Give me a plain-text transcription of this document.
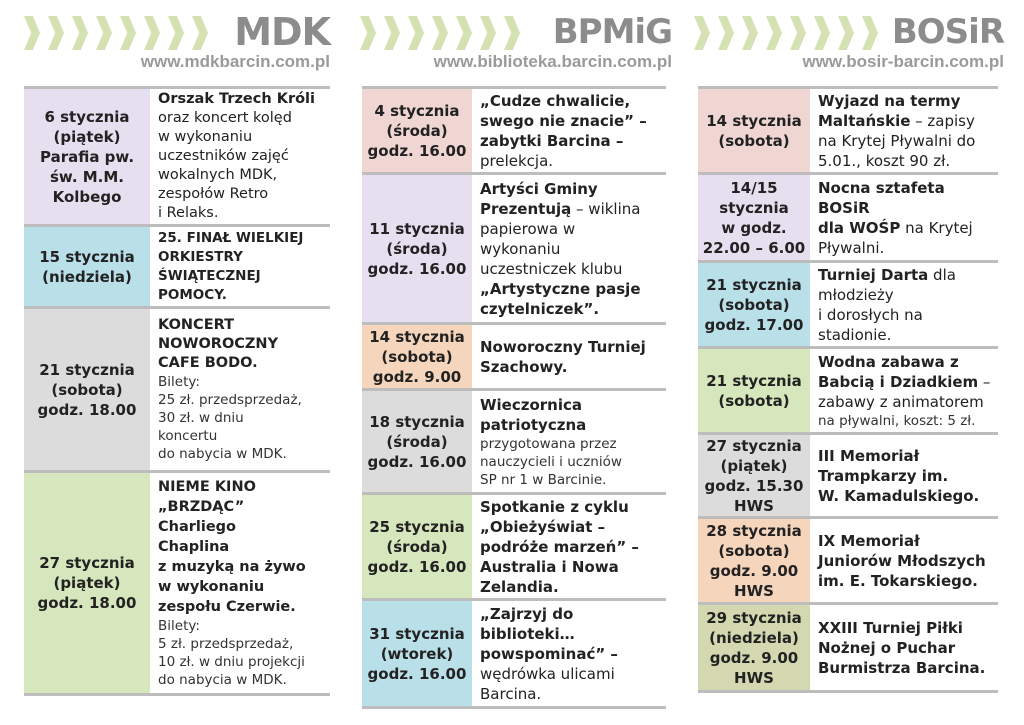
MDK
www.mdkbarcin.com.pl
6 stycznia
(piątek)
Parafia pw.
św. M.M.
Kolbego
Orszak Trzech Króli
oraz koncert kolęd
w wykonaniu
uczestników zajęć
wokalnych MDK,
zespołów Retro
i Relaks.
15 stycznia
(niedziela)
25. FINAŁ WIELKIEJ
ORKIESTRY
ŚWIĄTECZNEJ
POMOCY.
21 stycznia
(sobota)
godz. 18.00
KONCERT
NOWOROCZNY
CAFE BODO.
Bilety:
25 zł. przedsprzedaż,
30 zł. w dniu
koncertu
do nabycia w MDK.
27 stycznia
(piątek)
godz. 18.00
NIEME KINO
„BRZDĄC”
Charliego
Chaplina
z muzyką na żywo
w wykonaniu
zespołu Czerwie.
Bilety:
5 zł. przedsprzedaż,
10 zł. w dniu projekcji
do nabycia w MDK.
BPMiG
www.biblioteka.barcin.com.pl
4 stycznia
(środa)
godz. 16.00
„Cudze chwalicie,
swego nie znacie” –
zabytki Barcina –
prelekcja.
11 stycznia
(środa)
godz. 16.00
Artyści Gminy
Prezentują – wiklina
papierowa w
wykonaniu
uczestniczek klubu
„Artystyczne pasje
czytelniczek”.
14 stycznia
(sobota)
godz. 9.00
Noworoczny Turniej
Szachowy.
18 stycznia
(środa)
godz. 16.00
Wieczornica
patriotyczna
przygotowana przez
nauczycieli i uczniów
SP nr 1 w Barcinie.
25 stycznia
(środa)
godz. 16.00
Spotkanie z cyklu
„Obieżyświat –
podróże marzeń” –
Australia i Nowa
Zelandia.
31 stycznia
(wtorek)
godz. 16.00
„Zajrzyj do
biblioteki…
powspominać” –
wędrówka ulicami
Barcina.
BOSiR
www.bosir-barcin.com.pl
14 stycznia
(sobota)
Wyjazd na termy
Maltańskie – zapisy
na Krytej Pływalni do
5.01., koszt 90 zł.
14/15
stycznia
w godz.
22.00 – 6.00
Nocna sztafeta BOSiR
dla WOŚP na Krytej
Pływalni.
21 stycznia
(sobota)
godz. 17.00
Turniej Darta dla
młodzieży
i dorosłych na
stadionie.
21 stycznia
(sobota)
Wodna zabawa z
Babcią i Dziadkiem –
zabawy z animatorem
na pływalni, koszt: 5 zł.
27 stycznia
(piątek)
godz. 15.30
HWS
III Memoriał
Trampkarzy im.
W. Kamadulskiego.
28 stycznia
(sobota)
godz. 9.00
HWS
IX Memoriał
Juniorów Młodszych
im. E. Tokarskiego.
29 stycznia
(niedziela)
godz. 9.00
HWS
XXIII Turniej Piłki
Nożnej o Puchar
Burmistrza Barcina.
